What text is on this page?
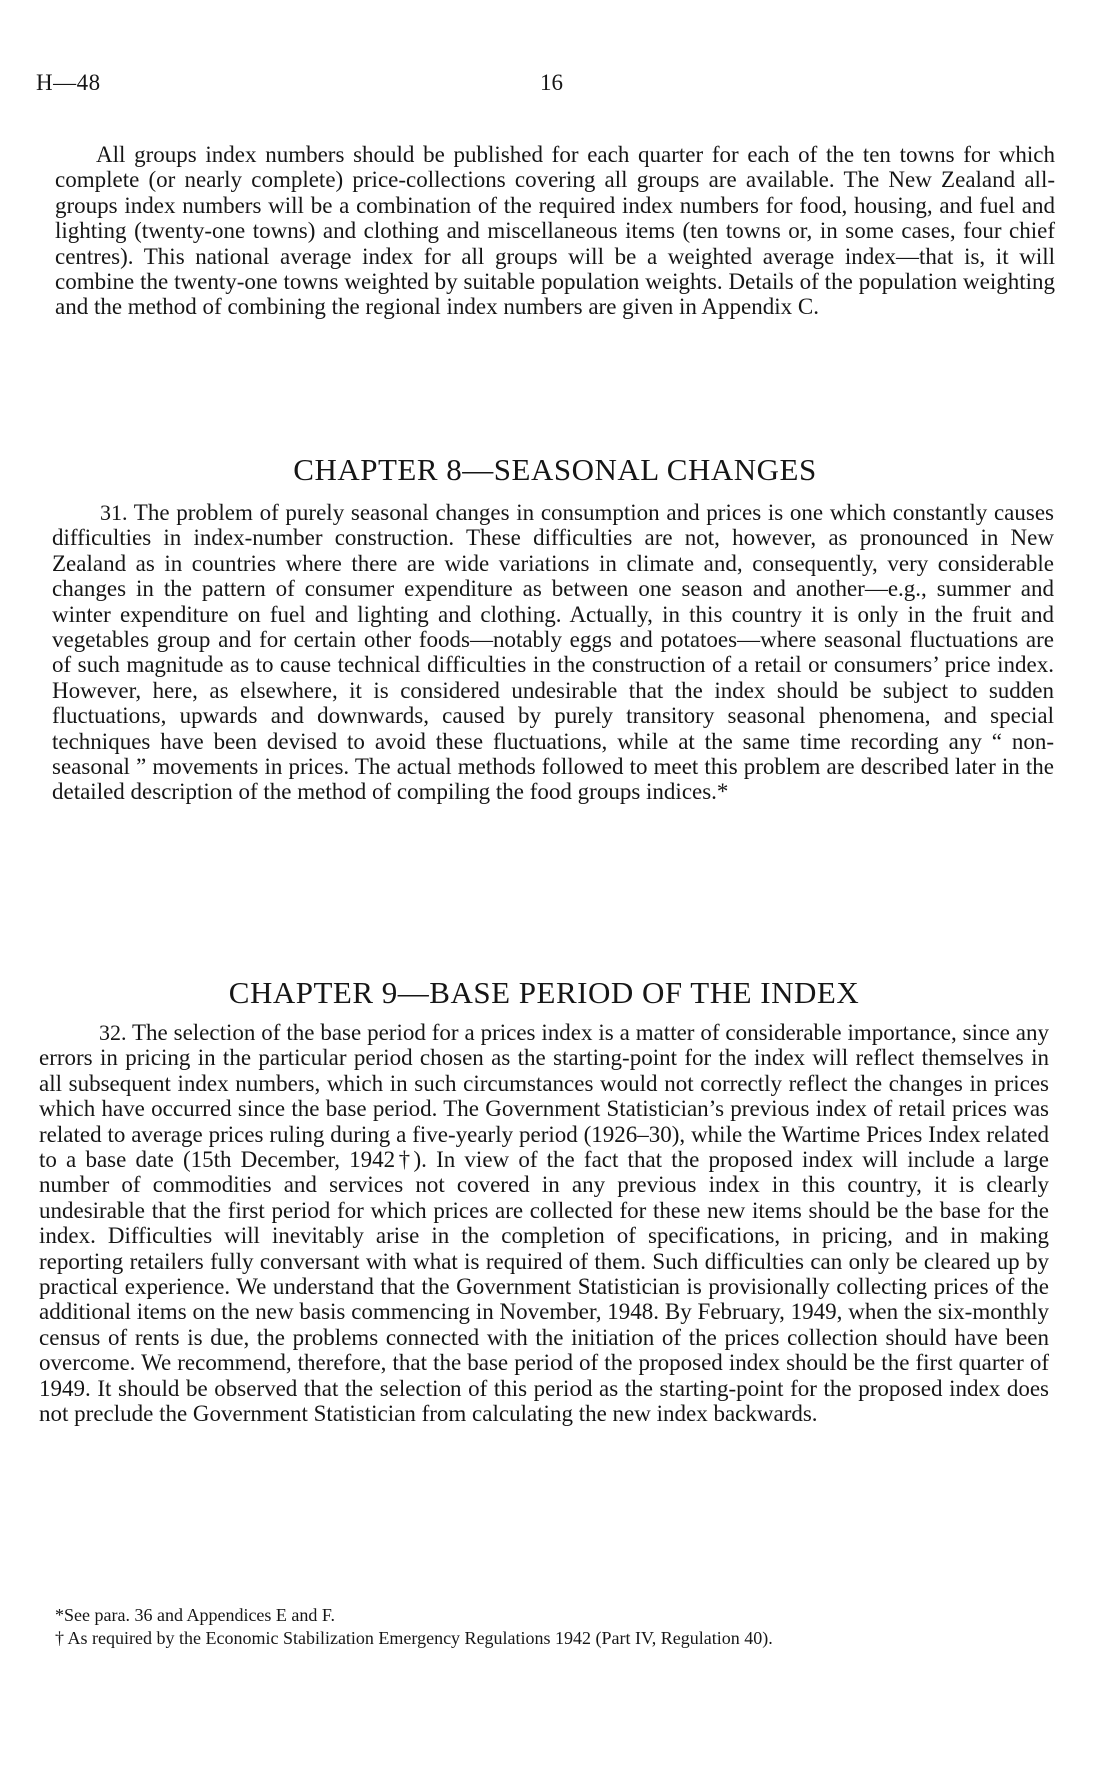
H—48	16

All groups index numbers should be published for each quarter for each of the ten towns for which complete (or nearly complete) price-collections covering all groups are available. The New Zealand all-groups index numbers will be a combination of the required index numbers for food, housing, and fuel and lighting (twenty-one towns) and clothing and miscellaneous items (ten towns or, in some cases, four chief centres). This national average index for all groups will be a weighted average index—that is, it will combine the twenty-one towns weighted by suitable population weights. Details of the population weighting and the method of combining the regional index numbers are given in Appendix C.

CHAPTER 8—SEASONAL CHANGES

31. The problem of purely seasonal changes in consumption and prices is one which constantly causes difficulties in index-number construction. These difficulties are not, however, as pronounced in New Zealand as in countries where there are wide variations in climate and, consequently, very considerable changes in the pattern of consumer expenditure as between one season and another—e.g., summer and winter expenditure on fuel and lighting and clothing. Actually, in this country it is only in the fruit and vegetables group and for certain other foods—notably eggs and potatoes—where seasonal fluctuations are of such magnitude as to cause technical difficulties in the construction of a retail or consumers’ price index. However, here, as elsewhere, it is considered undesirable that the index should be subject to sudden fluctuations, upwards and downwards, caused by purely transitory seasonal phenomena, and special techniques have been devised to avoid these fluctuations, while at the same time recording any “ non-seasonal ” movements in prices. The actual methods followed to meet this problem are described later in the detailed description of the method of compiling the food groups indices.*

CHAPTER 9—BASE PERIOD OF THE INDEX

32. The selection of the base period for a prices index is a matter of considerable importance, since any errors in pricing in the particular period chosen as the starting-point for the index will reflect themselves in all subsequent index numbers, which in such circumstances would not correctly reflect the changes in prices which have occurred since the base period. The Government Statistician’s previous index of retail prices was related to average prices ruling during a five-yearly period (1926–30), while the Wartime Prices Index related to a base date (15th December, 1942†). In view of the fact that the proposed index will include a large number of commodities and services not covered in any previous index in this country, it is clearly undesirable that the first period for which prices are collected for these new items should be the base for the index. Difficulties will inevitably arise in the completion of specifications, in pricing, and in making reporting retailers fully conversant with what is required of them. Such difficulties can only be cleared up by practical experience. We understand that the Government Statistician is provisionally collecting prices of the additional items on the new basis commencing in November, 1948. By February, 1949, when the six-monthly census of rents is due, the problems connected with the initiation of the prices collection should have been overcome. We recommend, therefore, that the base period of the proposed index should be the first quarter of 1949. It should be observed that the selection of this period as the starting-point for the proposed index does not preclude the Government Statistician from calculating the new index backwards.

*See para. 36 and Appendices E and F.
† As required by the Economic Stabilization Emergency Regulations 1942 (Part IV, Regulation 40).
